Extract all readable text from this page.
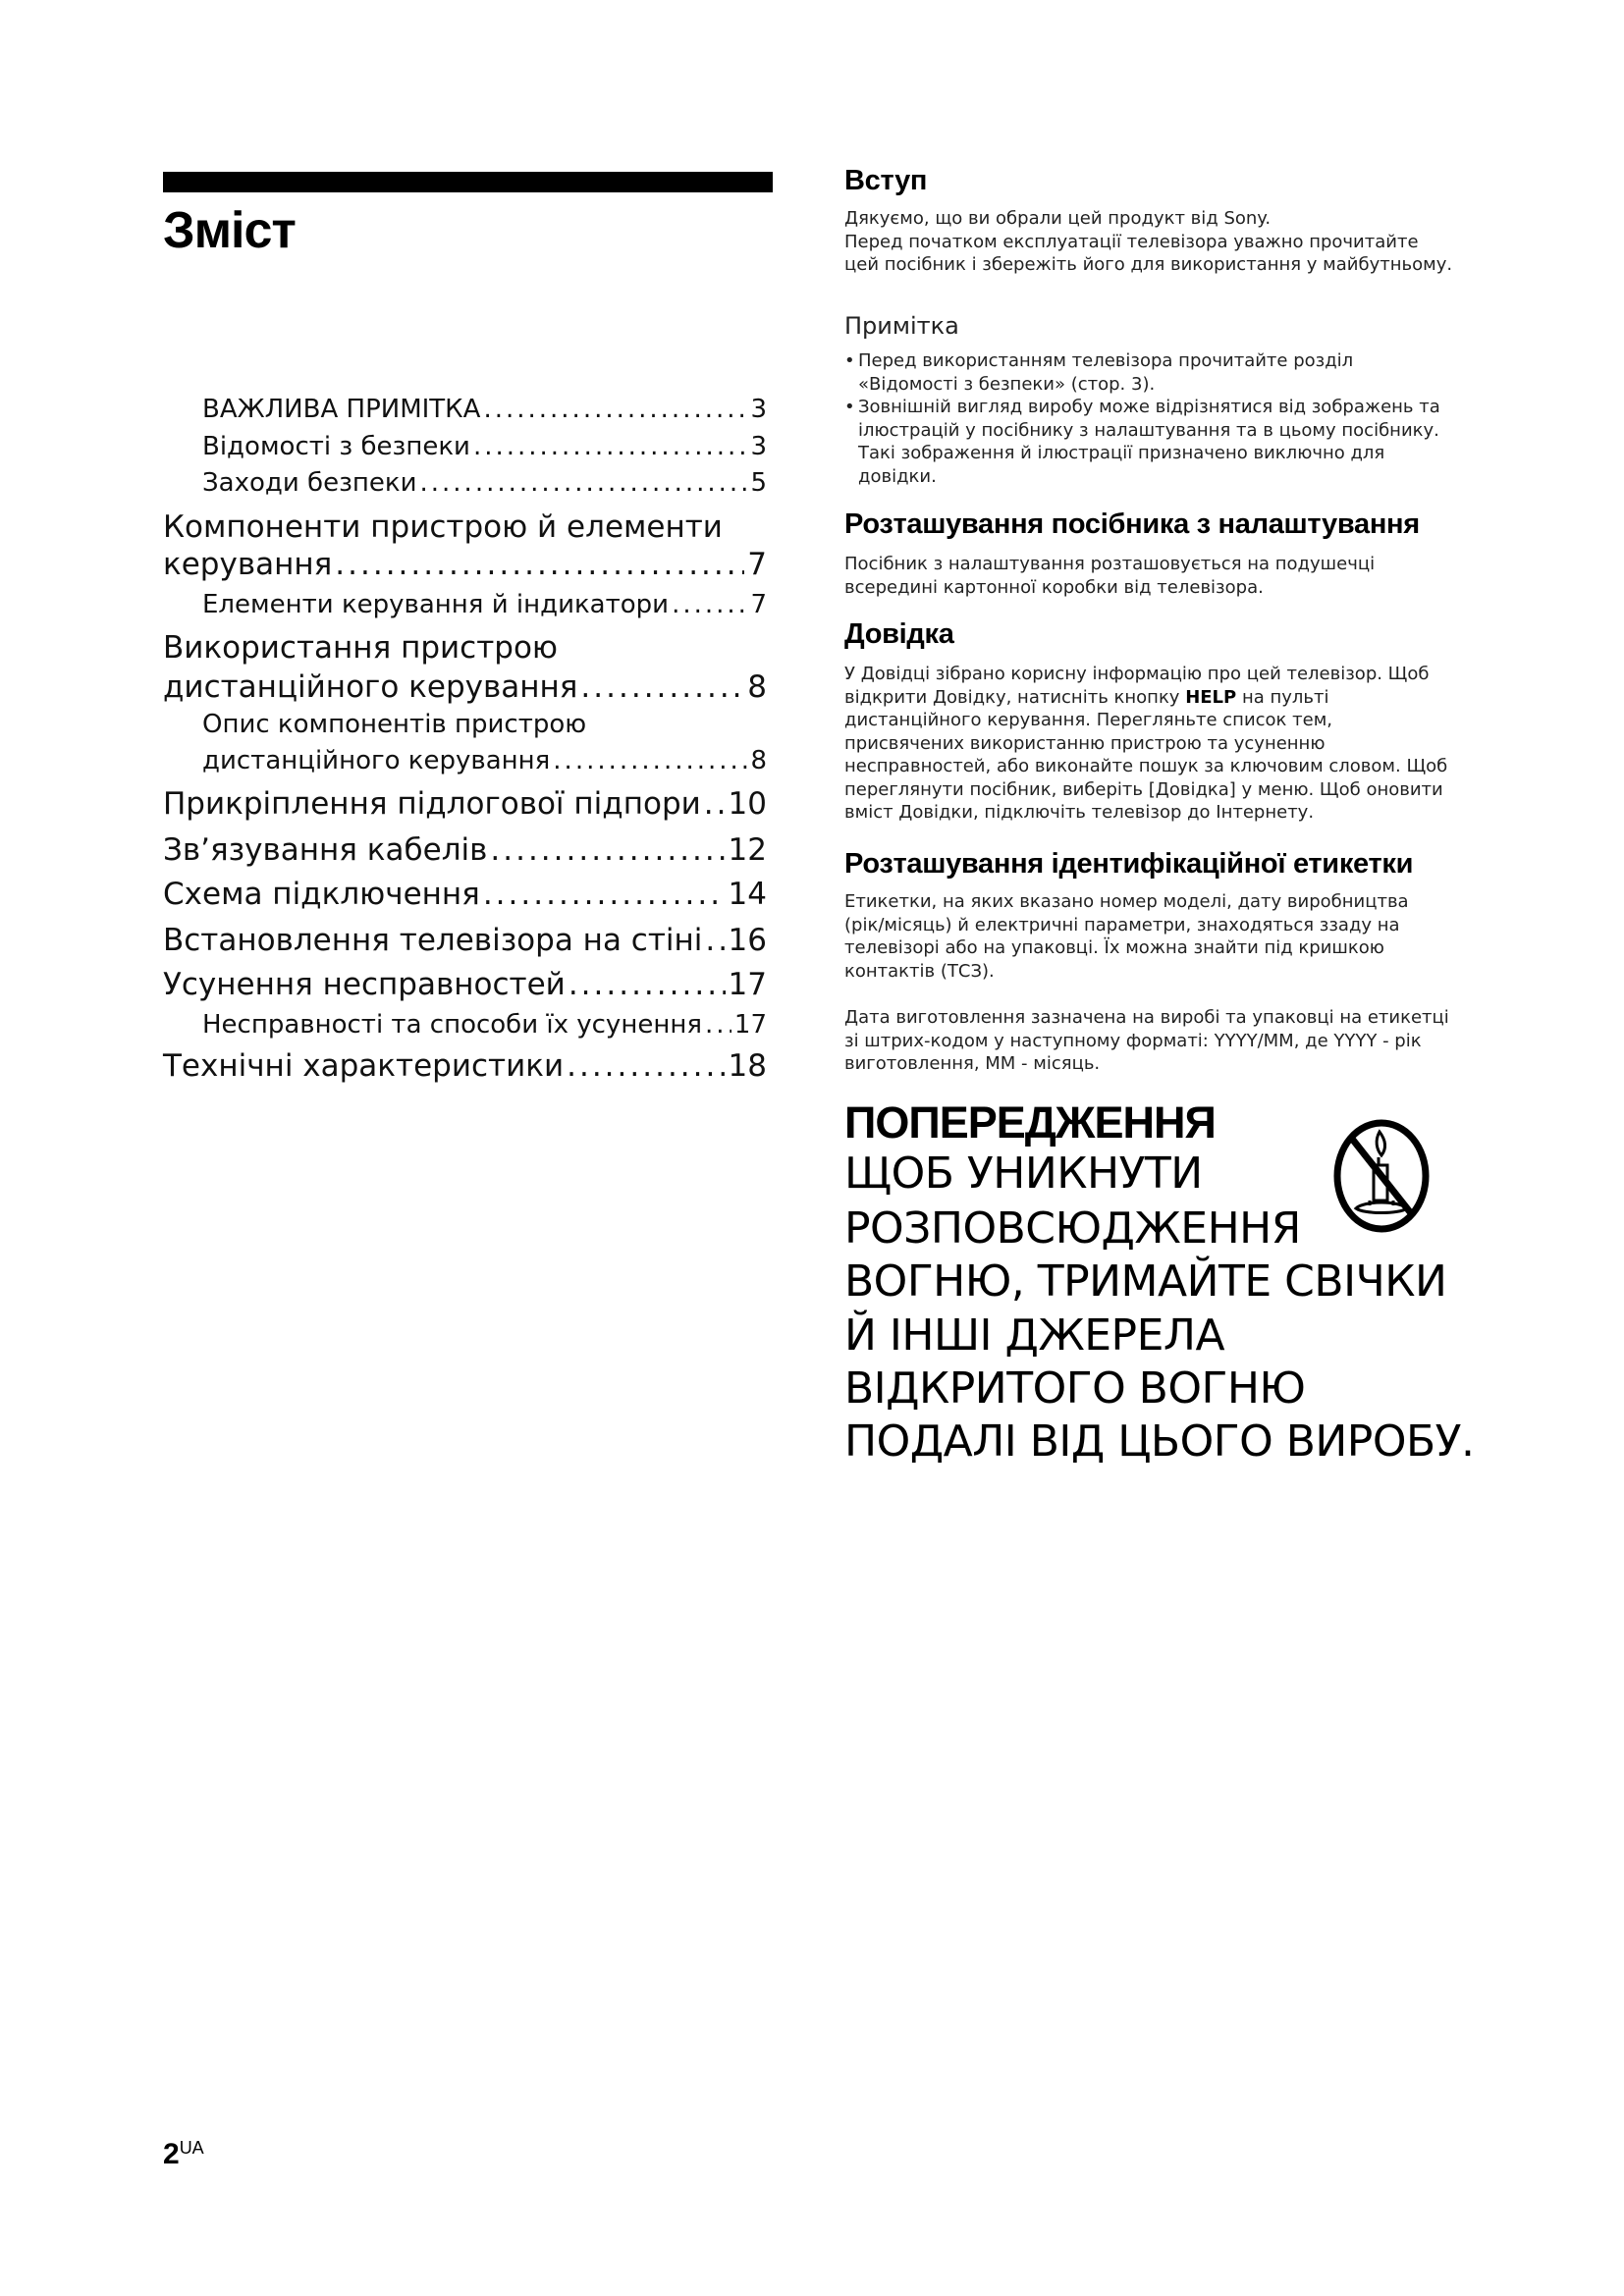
Зміст
ВАЖЛИВА ПРИМІТКА .....	3
Відомості з безпеки .....	3
Заходи безпеки .....	5
Компоненти пристрою й елементи
керування .....	7
Елементи керування й індикатори .....	7
Використання пристрою
дистанційного керування .....	8
Опис компонентів пристрою
дистанційного керування .....	8
Прикріплення підлогової підпори ..... 10
Зв’язування кабелів .....	12
Схема підключення .....	14
Встановлення телевізора на стіні ..... 16
Усунення несправностей .....	17
Несправності та способи їх усунення ..... 17
Технічні характеристики .....	18
Вступ
Дякуємо, що ви обрали цей продукт від Sony.
Перед початком експлуатації телевізора уважно прочитайте цей посібник і збережіть його для використання у майбутньому.
Примітка
• Перед використанням телевізора прочитайте розділ «Відомості з безпеки» (стор. 3).
• Зовнішній вигляд виробу може відрізнятися від зображень та ілюстрацій у посібнику з налаштування та в цьому посібнику. Такі зображення й ілюстрації призначено виключно для довідки.
Розташування посібника з налаштування
Посібник з налаштування розташовується на подушечці всередині картонної коробки від телевізора.
Довідка
У Довідці зібрано корисну інформацію про цей телевізор. Щоб відкрити Довідку, натисніть кнопку HELP на пульті дистанційного керування. Перегляньте список тем, присвячених використанню пристрою та усуненню несправностей, або виконайте пошук за ключовим словом. Щоб переглянути посібник, виберіть [Довідка] у меню. Щоб оновити вміст Довідки, підключіть телевізор до Інтернету.
Розташування ідентифікаційної етикетки
Етикетки, на яких вказано номер моделі, дату виробництва (рік/місяць) й електричні параметри, знаходяться ззаду на телевізорі або на упаковці. Їх можна знайти під кришкою контактів (ТСЗ).
Дата виготовлення зазначена на виробі та упаковці на етикетці зі штрих-кодом у наступному форматі: YYYY/MM, де YYYY - рік виготовлення, MM - місяць.
ПОПЕРЕДЖЕННЯ
ЩОБ УНИКНУТИ
РОЗПОВСЮДЖЕННЯ
ВОГНЮ, ТРИМАЙТЕ СВІЧКИ
Й ІНШІ ДЖЕРЕЛА
ВІДКРИТОГО ВОГНЮ
ПОДАЛІ ВІД ЦЬОГО ВИРОБУ.
$2^{UA}$
